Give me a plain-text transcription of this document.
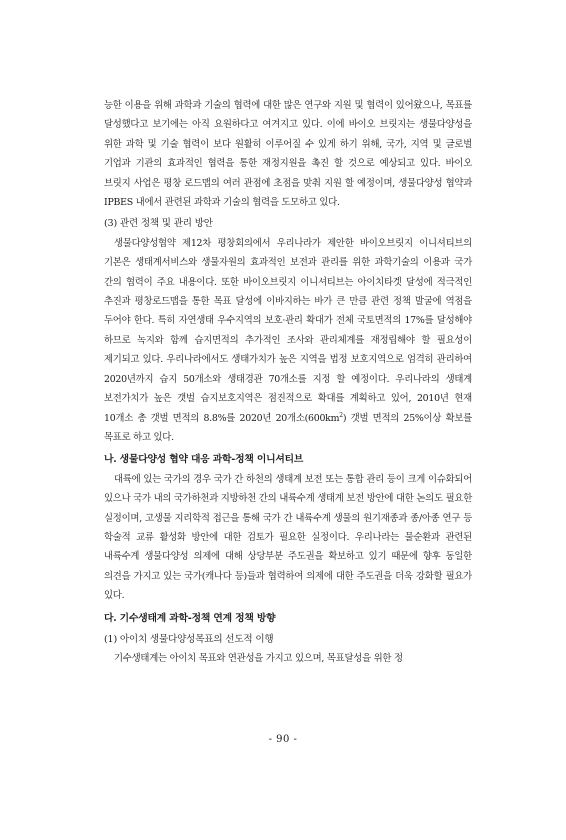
능한 이용을 위해 과학과 기술의 협력에 대한 많은 연구와 지원 및 협력이 있어왔으나, 목표를 달성했다고 보기에는 아직 요원하다고 여겨지고 있다. 이에 바이오 브릿지는 생물다양성을 위한 과학 및 기술 협력이 보다 원활히 이루어질 수 있게 하기 위해, 국가, 지역 및 글로벌 기업과 기관의 효과적인 협력을 통한 재정지원을 촉진 할 것으로 예상되고 있다. 바이오 브릿지 사업은 평창 로드맵의 여러 관점에 초점을 맞춰 지원 할 예정이며, 생물다양성 협약과 IPBES 내에서 관련된 과학과 기술의 협력을 도모하고 있다.

(3) 관련 정책 및 관리 방안

생물다양성협약 제12차 평창회의에서 우리나라가 제안한 바이오브릿지 이니셔티브의 기본은 생태계서비스와 생물자원의 효과적인 보전과 관리를 위한 과학기술의 이용과 국가 간의 협력이 주요 내용이다. 또한 바이오브릿지 이니셔티브는 아이치타겟 달성에 적극적인 추진과 평창로드맵을 통한 목표 달성에 이바지하는 바가 큰 만큼 관련 정책 발굴에 역점을 두어야 한다. 특히 자연생태 우수지역의 보호·관리 확대가 전체 국토면적의 17%를 달성해야 하므로 녹지와 함께 습지면적의 추가적인 조사와 관리체계를 재정립해야 할 필요성이 제기되고 있다. 우리나라에서도 생태가치가 높은 지역을 법정 보호지역으로 엄격히 관리하여 2020년까지 습지 50개소와 생태경관 70개소를 지정 할 예정이다. 우리나라의 생태계 보전가치가 높은 갯벌 습지보호지역은 점진적으로 확대를 계획하고 있어, 2010년 현재 10개소 총 갯벌 면적의 8.8%를 2020년 20개소$(600km^2)$ 갯벌 면적의 25%이상 확보를 목표로 하고 있다.

나. 생물다양성 협약 대응 과학-정책 이니셔티브

대륙에 있는 국가의 경우 국가 간 하천의 생태계 보전 또는 통합 관리 등이 크게 이슈화되어 있으나 국가 내의 국가하천과 지방하천 간의 내륙수계 생태계 보전 방안에 대한 논의도 필요한 실정이며, 고생물 지리학적 접근을 통해 국가 간 내륙수계 생물의 원기재종과 종/아종 연구 등 학술적 교류 활성화 방안에 대한 검토가 필요한 실정이다. 우리나라는 물순환과 관련된 내륙수계 생물다양성 의제에 대해 상당부분 주도권을 확보하고 있기 때문에 향후 동일한 의견을 가지고 있는 국가(캐나다 등)들과 협력하여 의제에 대한 주도권을 더욱 강화할 필요가 있다.

다. 기수생태계 과학-정책 연계 정책 방향

(1) 아이치 생물다양성목표의 선도적 이행

기수생태계는 아이치 목표와 연관성을 가지고 있으며, 목표달성을 위한 정

- 90 -
